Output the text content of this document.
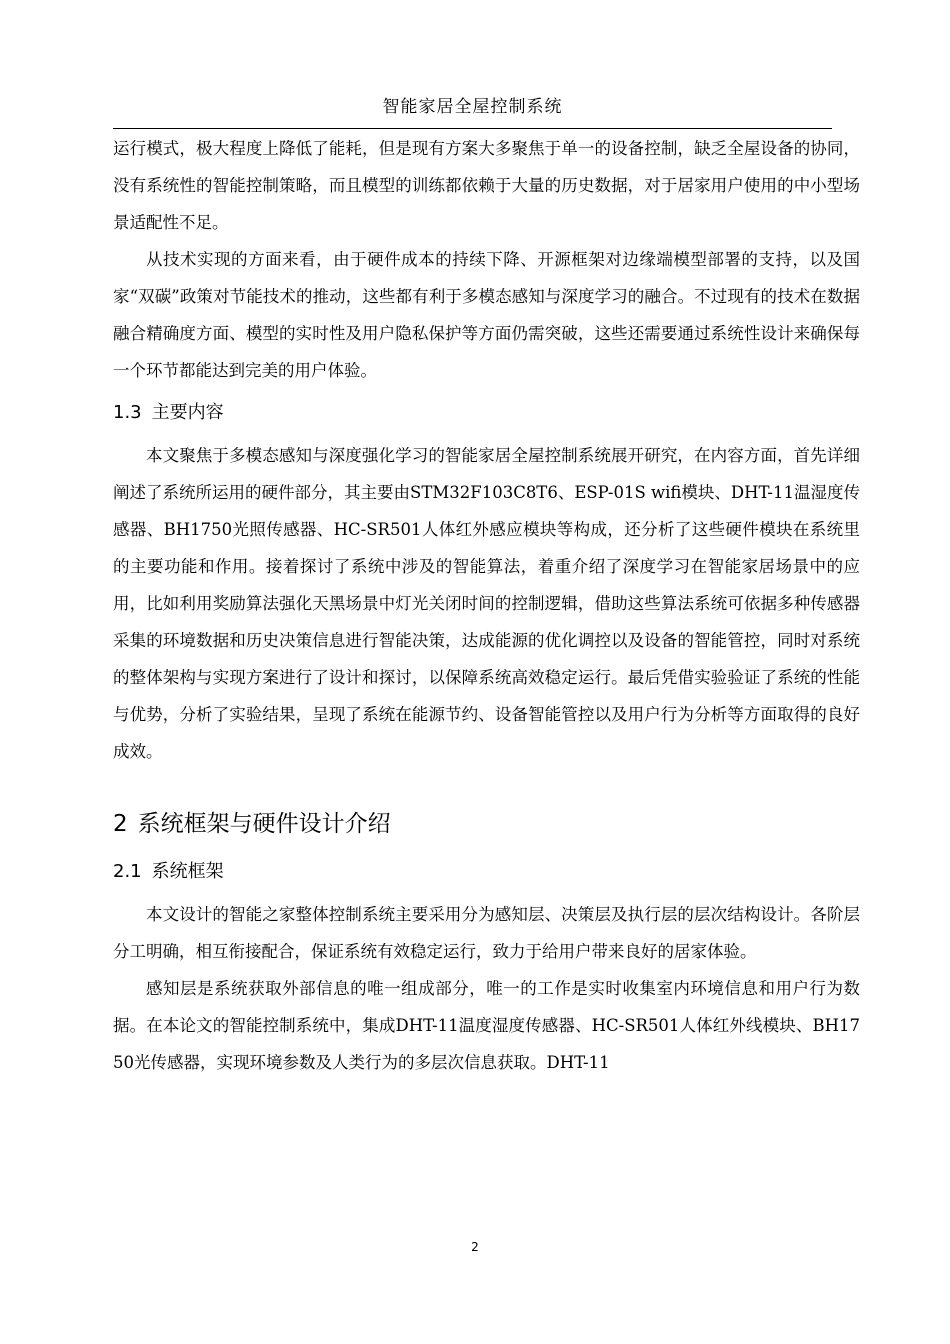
智能家居全屋控制系统

运行模式，极大程度上降低了能耗，但是现有方案大多聚焦于单一的设备控制，缺乏全屋设备的协同，没有系统性的智能控制策略，而且模型的训练都依赖于大量的历史数据，对于居家用户使用的中小型场景适配性不足。

从技术实现的方面来看，由于硬件成本的持续下降、开源框架对边缘端模型部署的支持，以及国家“双碳”政策对节能技术的推动，这些都有利于多模态感知与深度学习的融合。不过现有的技术在数据融合精确度方面、模型的实时性及用户隐私保护等方面仍需突破，这些还需要通过系统性设计来确保每一个环节都能达到完美的用户体验。

1.3 主要内容

本文聚焦于多模态感知与深度强化学习的智能家居全屋控制系统展开研究，在内容方面，首先详细阐述了系统所运用的硬件部分，其主要由STM32F103C8T6、ESP-01S wifi模块、DHT-11温湿度传感器、BH1750光照传感器、HC-SR501人体红外感应模块等构成，还分析了这些硬件模块在系统里的主要功能和作用。接着探讨了系统中涉及的智能算法，着重介绍了深度学习在智能家居场景中的应用，比如利用奖励算法强化天黑场景中灯光关闭时间的控制逻辑，借助这些算法系统可依据多种传感器采集的环境数据和历史决策信息进行智能决策，达成能源的优化调控以及设备的智能管控，同时对系统的整体架构与实现方案进行了设计和探讨，以保障系统高效稳定运行。最后凭借实验验证了系统的性能与优势，分析了实验结果，呈现了系统在能源节约、设备智能管控以及用户行为分析等方面取得的良好成效。

2 系统框架与硬件设计介绍
2.1 系统框架

本文设计的智能之家整体控制系统主要采用分为感知层、决策层及执行层的层次结构设计。各阶层分工明确，相互衔接配合，保证系统有效稳定运行，致力于给用户带来良好的居家体验。

感知层是系统获取外部信息的唯一组成部分，唯一的工作是实时收集室内环境信息和用户行为数据。在本论文的智能控制系统中，集成DHT-11温度湿度传感器、HC-SR501人体红外线模块、BH1750光传感器，实现环境参数及人类行为的多层次信息获取。DHT-11

2
